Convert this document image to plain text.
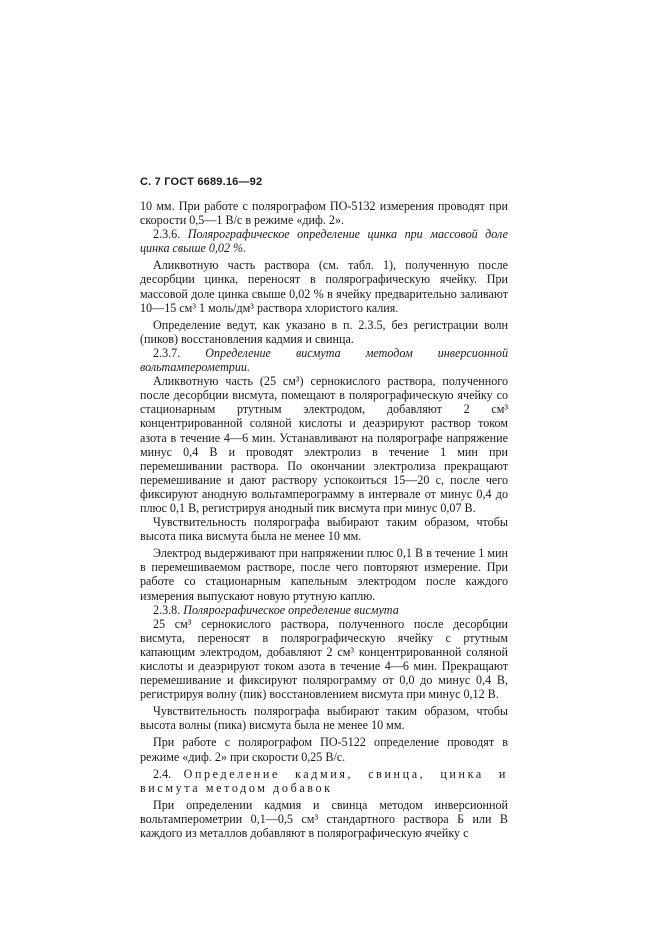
С. 7 ГОСТ 6689.16—92

10 мм. При работе с полярографом ПО-5132 измерения проводят при скорости 0,5—1 В/с в режиме «диф. 2».

2.3.6. Полярографическое определение цинка при массовой доле цинка свыше 0,02 %.

Аликвотную часть раствора (см. табл. 1), полученную после десорбции цинка, переносят в полярографическую ячейку. При массовой доле цинка свыше 0,02 % в ячейку предварительно заливают 10—15 см³ 1 моль/дм³ раствора хлористого калия.

Определение ведут, как указано в п. 2.3.5, без регистрации волн (пиков) восстановления кадмия и свинца.

2.3.7. Определение висмута методом инверсионной вольтамперометрии.

Аликвотную часть (25 см³) сернокислого раствора, полученного после десорбции висмута, помещают в полярографическую ячейку со стационарным ртутным электродом, добавляют 2 см³ концентрированной соляной кислоты и деаэрируют раствор током азота в течение 4—6 мин. Устанавливают на полярографе напряжение минус 0,4 В и проводят электролиз в течение 1 мин при перемешивании раствора. По окончании электролиза прекращают перемешивание и дают раствору успокоиться 15—20 с, после чего фиксируют анодную вольтамперограмму в интервале от минус 0,4 до плюс 0,1 В, регистрируя анодный пик висмута при минус 0,07 В.

Чувствительность полярографа выбирают таким образом, чтобы высота пика висмута была не менее 10 мм.

Электрод выдерживают при напряжении плюс 0,1 В в течение 1 мин в перемешиваемом растворе, после чего повторяют измерение. При работе со стационарным капельным электродом после каждого измерения выпускают новую ртутную каплю.

2.3.8. Полярографическое определение висмута

25 см³ сернокислого раствора, полученного после десорбции висмута, переносят в полярографическую ячейку с ртутным капающим электродом, добавляют 2 см³ концентрированной соляной кислоты и деаэрируют током азота в течение 4—6 мин. Прекращают перемешивание и фиксируют полярограмму от 0,0 до минус 0,4 В, регистрируя волну (пик) восстановлением висмута при минус 0,12 В.

Чувствительность полярографа выбирают таким образом, чтобы высота волны (пика) висмута была не менее 10 мм.

При работе с полярографом ПО-5122 определение проводят в режиме «диф. 2» при скорости 0,25 В/с.

2.4. Определение кадмия, свинца, цинка и висмута методом добавок

При определении кадмия и свинца методом инверсионной вольтамперометрии 0,1—0,5 см³ стандартного раствора Б или В каждого из металлов добавляют в полярографическую ячейку с
